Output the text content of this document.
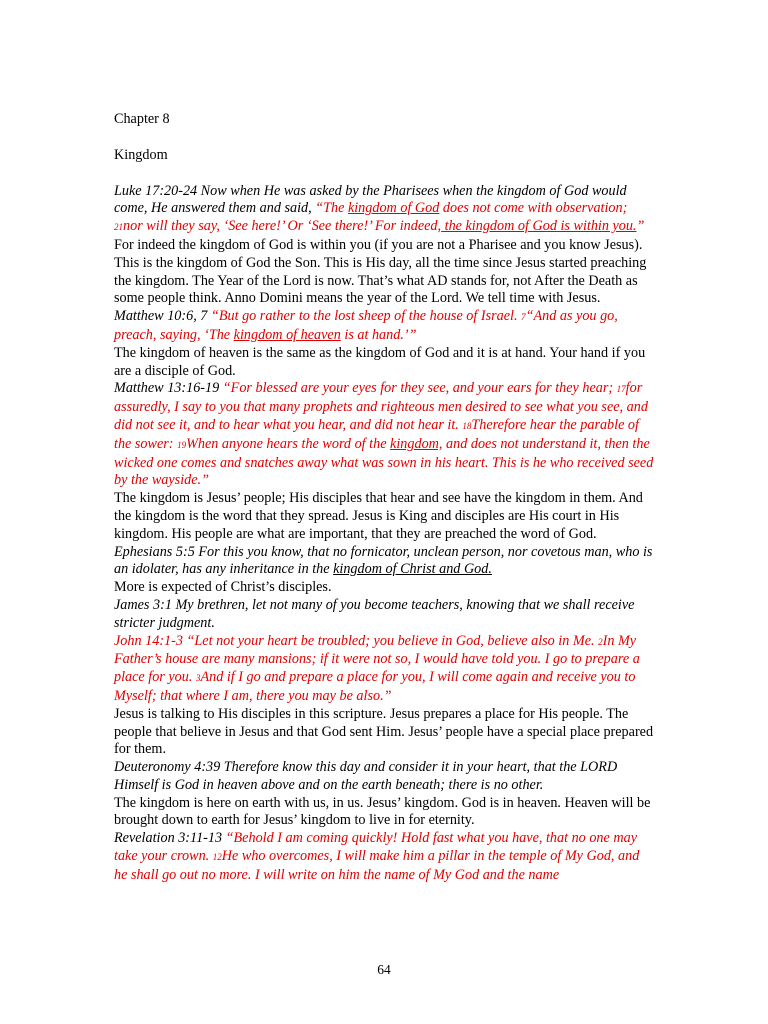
Chapter 8

Kingdom

Luke 17:20-24 Now when He was asked by the Pharisees when the kingdom of God would come, He answered them and said, “The kingdom of God does not come with observation; 21nor will they say, ‘See here!’ Or ‘See there!’ For indeed, the kingdom of God is within you.”

For indeed the kingdom of God is within you (if you are not a Pharisee and you know Jesus). This is the kingdom of God the Son. This is His day, all the time since Jesus started preaching the kingdom. The Year of the Lord is now. That’s what AD stands for, not After the Death as some people think. Anno Domini means the year of the Lord. We tell time with Jesus.

Matthew 10:6, 7 “But go rather to the lost sheep of the house of Israel. 7“And as you go, preach, saying, ‘The kingdom of heaven is at hand.’”

The kingdom of heaven is the same as the kingdom of God and it is at hand. Your hand if you are a disciple of God.

Matthew 13:16-19 “For blessed are your eyes for they see, and your ears for they hear; 17for assuredly, I say to you that many prophets and righteous men desired to see what you see, and did not see it, and to hear what you hear, and did not hear it. 18Therefore hear the parable of the sower: 19When anyone hears the word of the kingdom, and does not understand it, then the wicked one comes and snatches away what was sown in his heart. This is he who received seed by the wayside.”

The kingdom is Jesus’ people; His disciples that hear and see have the kingdom in them. And the kingdom is the word that they spread. Jesus is King and disciples are His court in His kingdom. His people are what are important, that they are preached the word of God.

Ephesians 5:5 For this you know, that no fornicator, unclean person, nor covetous man, who is an idolater, has any inheritance in the kingdom of Christ and God.

More is expected of Christ’s disciples.

James 3:1 My brethren, let not many of you become teachers, knowing that we shall receive stricter judgment.

John 14:1-3 “Let not your heart be troubled; you believe in God, believe also in Me. 2In My Father’s house are many mansions; if it were not so, I would have told you. I go to prepare a place for you. 3And if I go and prepare a place for you, I will come again and receive you to Myself; that where I am, there you may be also.”

Jesus is talking to His disciples in this scripture. Jesus prepares a place for His people. The people that believe in Jesus and that God sent Him. Jesus’ people have a special place prepared for them.

Deuteronomy 4:39 Therefore know this day and consider it in your heart, that the LORD Himself is God in heaven above and on the earth beneath; there is no other.

The kingdom is here on earth with us, in us. Jesus’ kingdom. God is in heaven. Heaven will be brought down to earth for Jesus’ kingdom to live in for eternity.

Revelation 3:11-13 “Behold I am coming quickly! Hold fast what you have, that no one may take your crown. 12He who overcomes, I will make him a pillar in the temple of My God, and he shall go out no more. I will write on him the name of My God and the name

64
